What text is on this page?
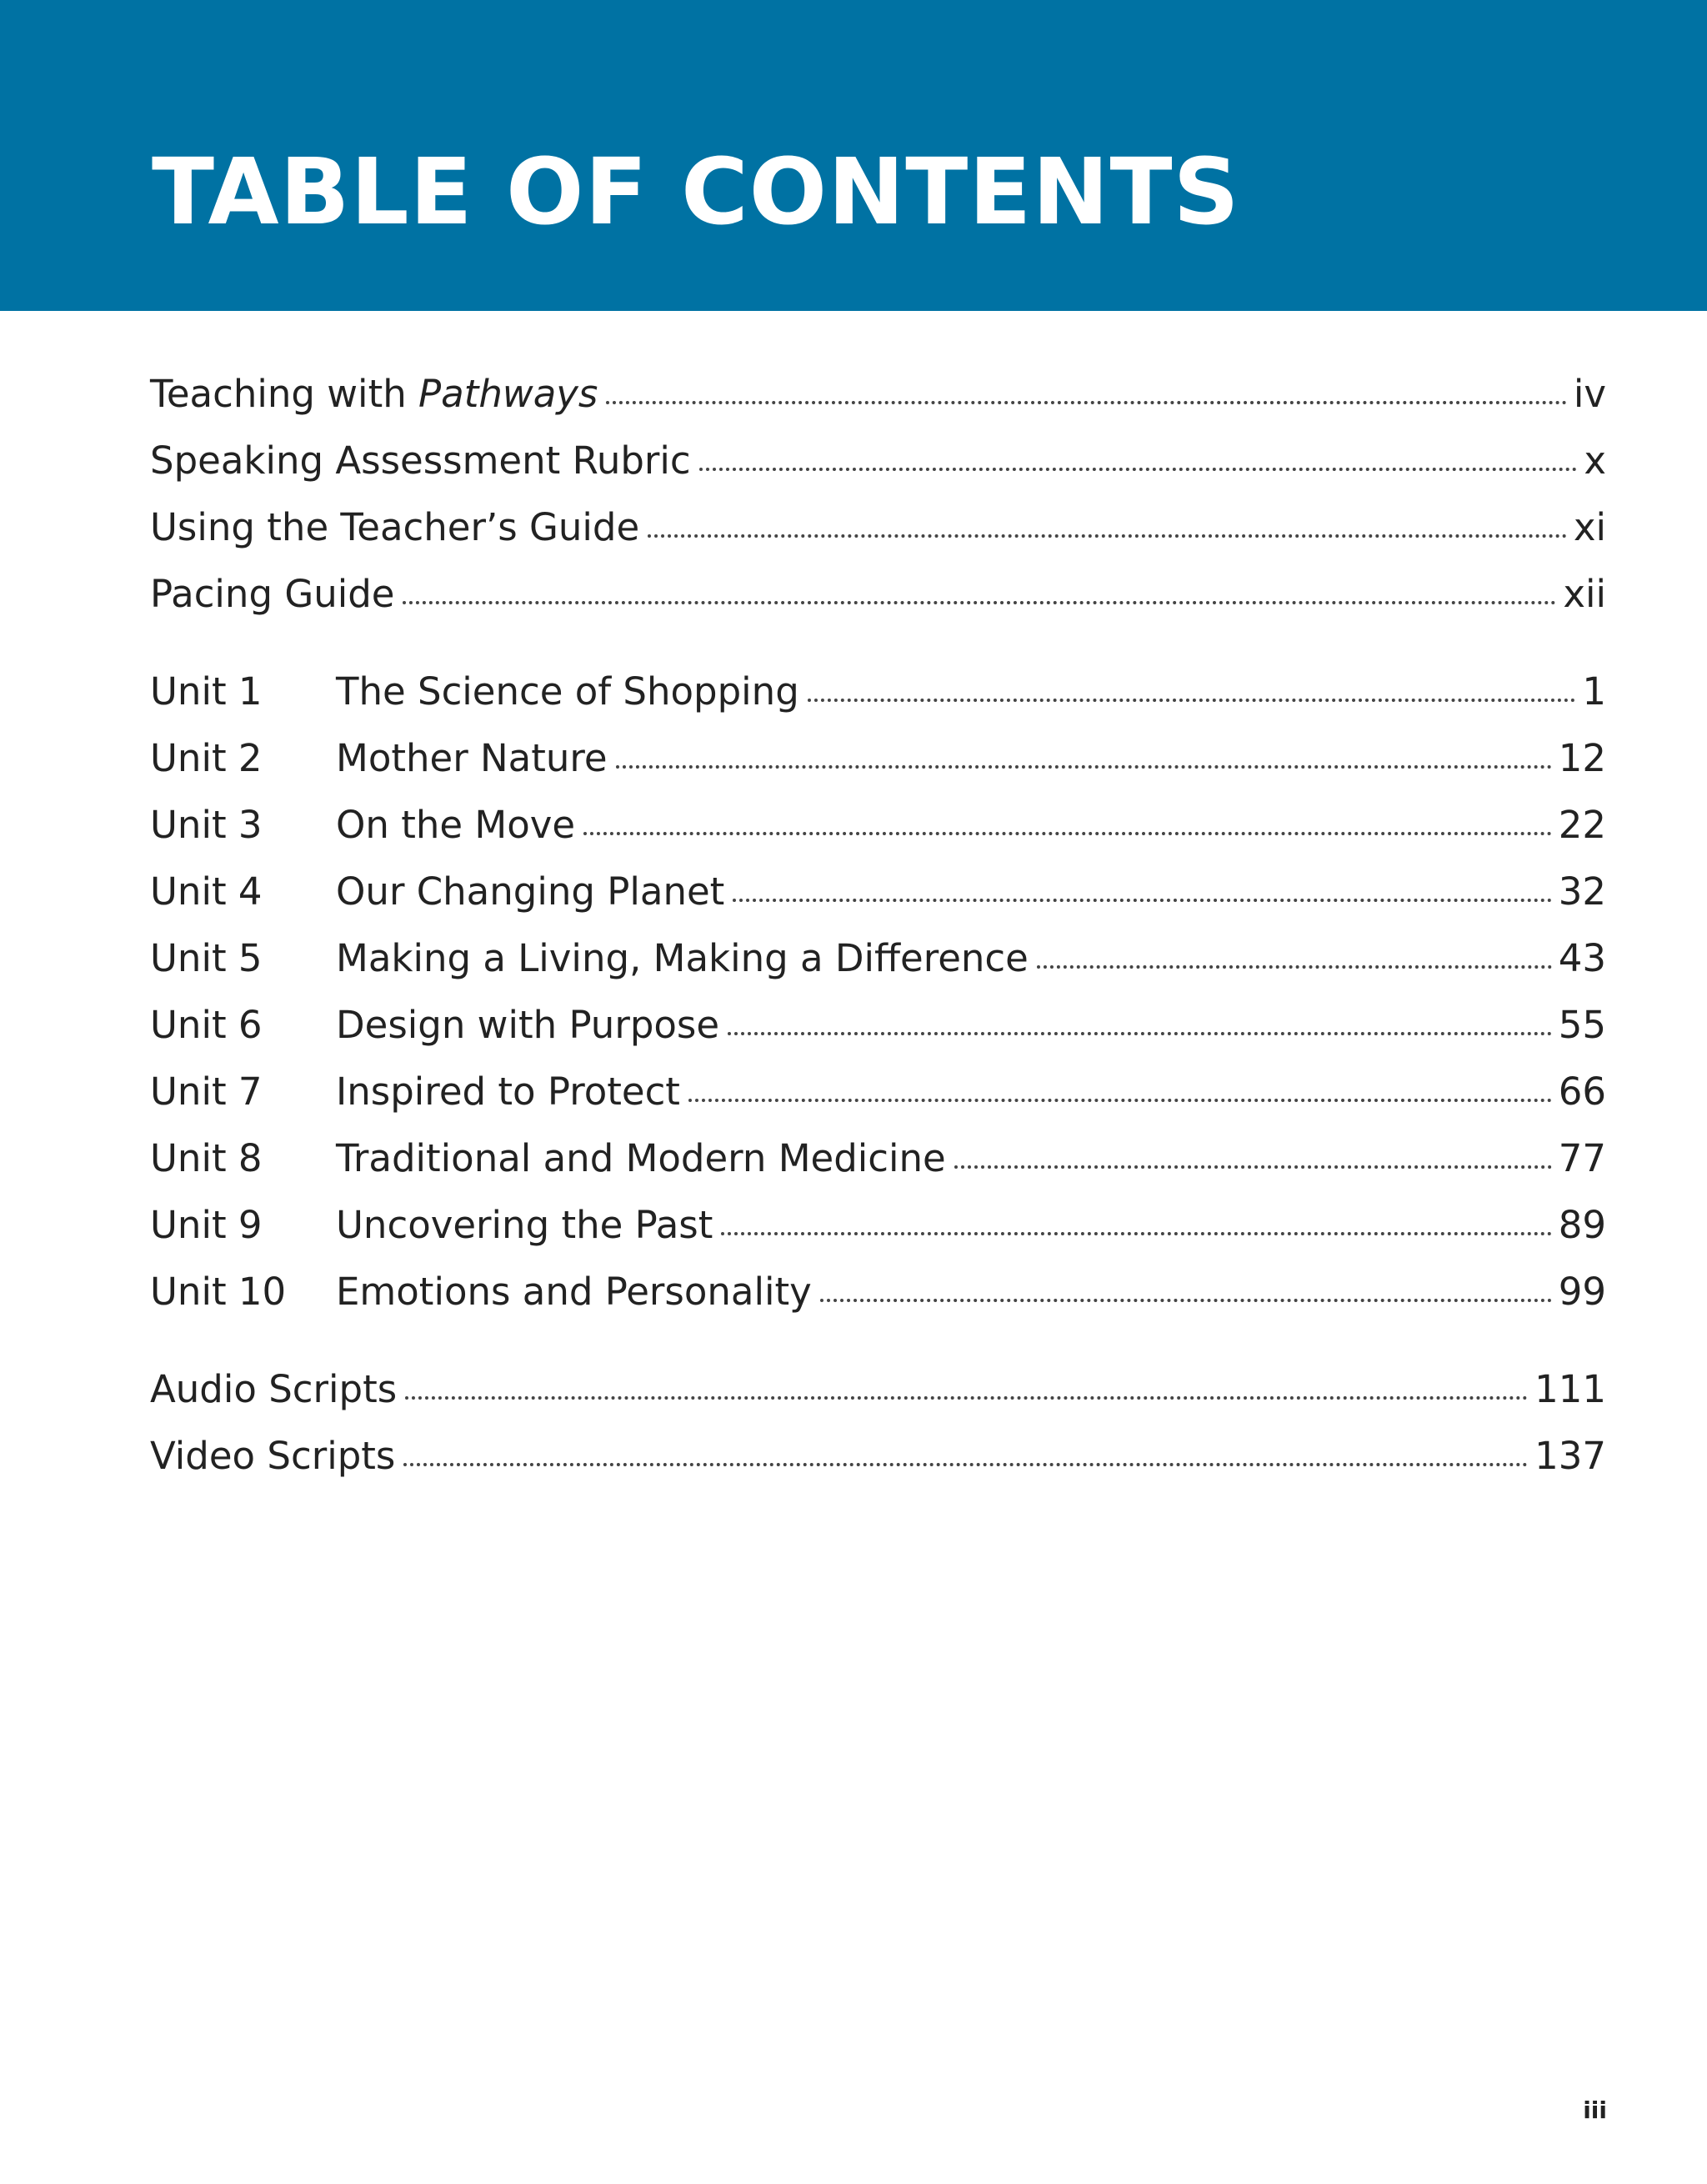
TABLE OF CONTENTS
Teaching with Pathways	iv
Speaking Assessment Rubric	x
Using the Teacher’s Guide	xi
Pacing Guide	xii
Unit 1	The Science of Shopping	1
Unit 2	Mother Nature	12
Unit 3	On the Move	22
Unit 4	Our Changing Planet	32
Unit 5	Making a Living, Making a Difference	43
Unit 6	Design with Purpose	55
Unit 7	Inspired to Protect	66
Unit 8	Traditional and Modern Medicine	77
Unit 9	Uncovering the Past	89
Unit 10	Emotions and Personality	99
Audio Scripts	111
Video Scripts	137
iii
